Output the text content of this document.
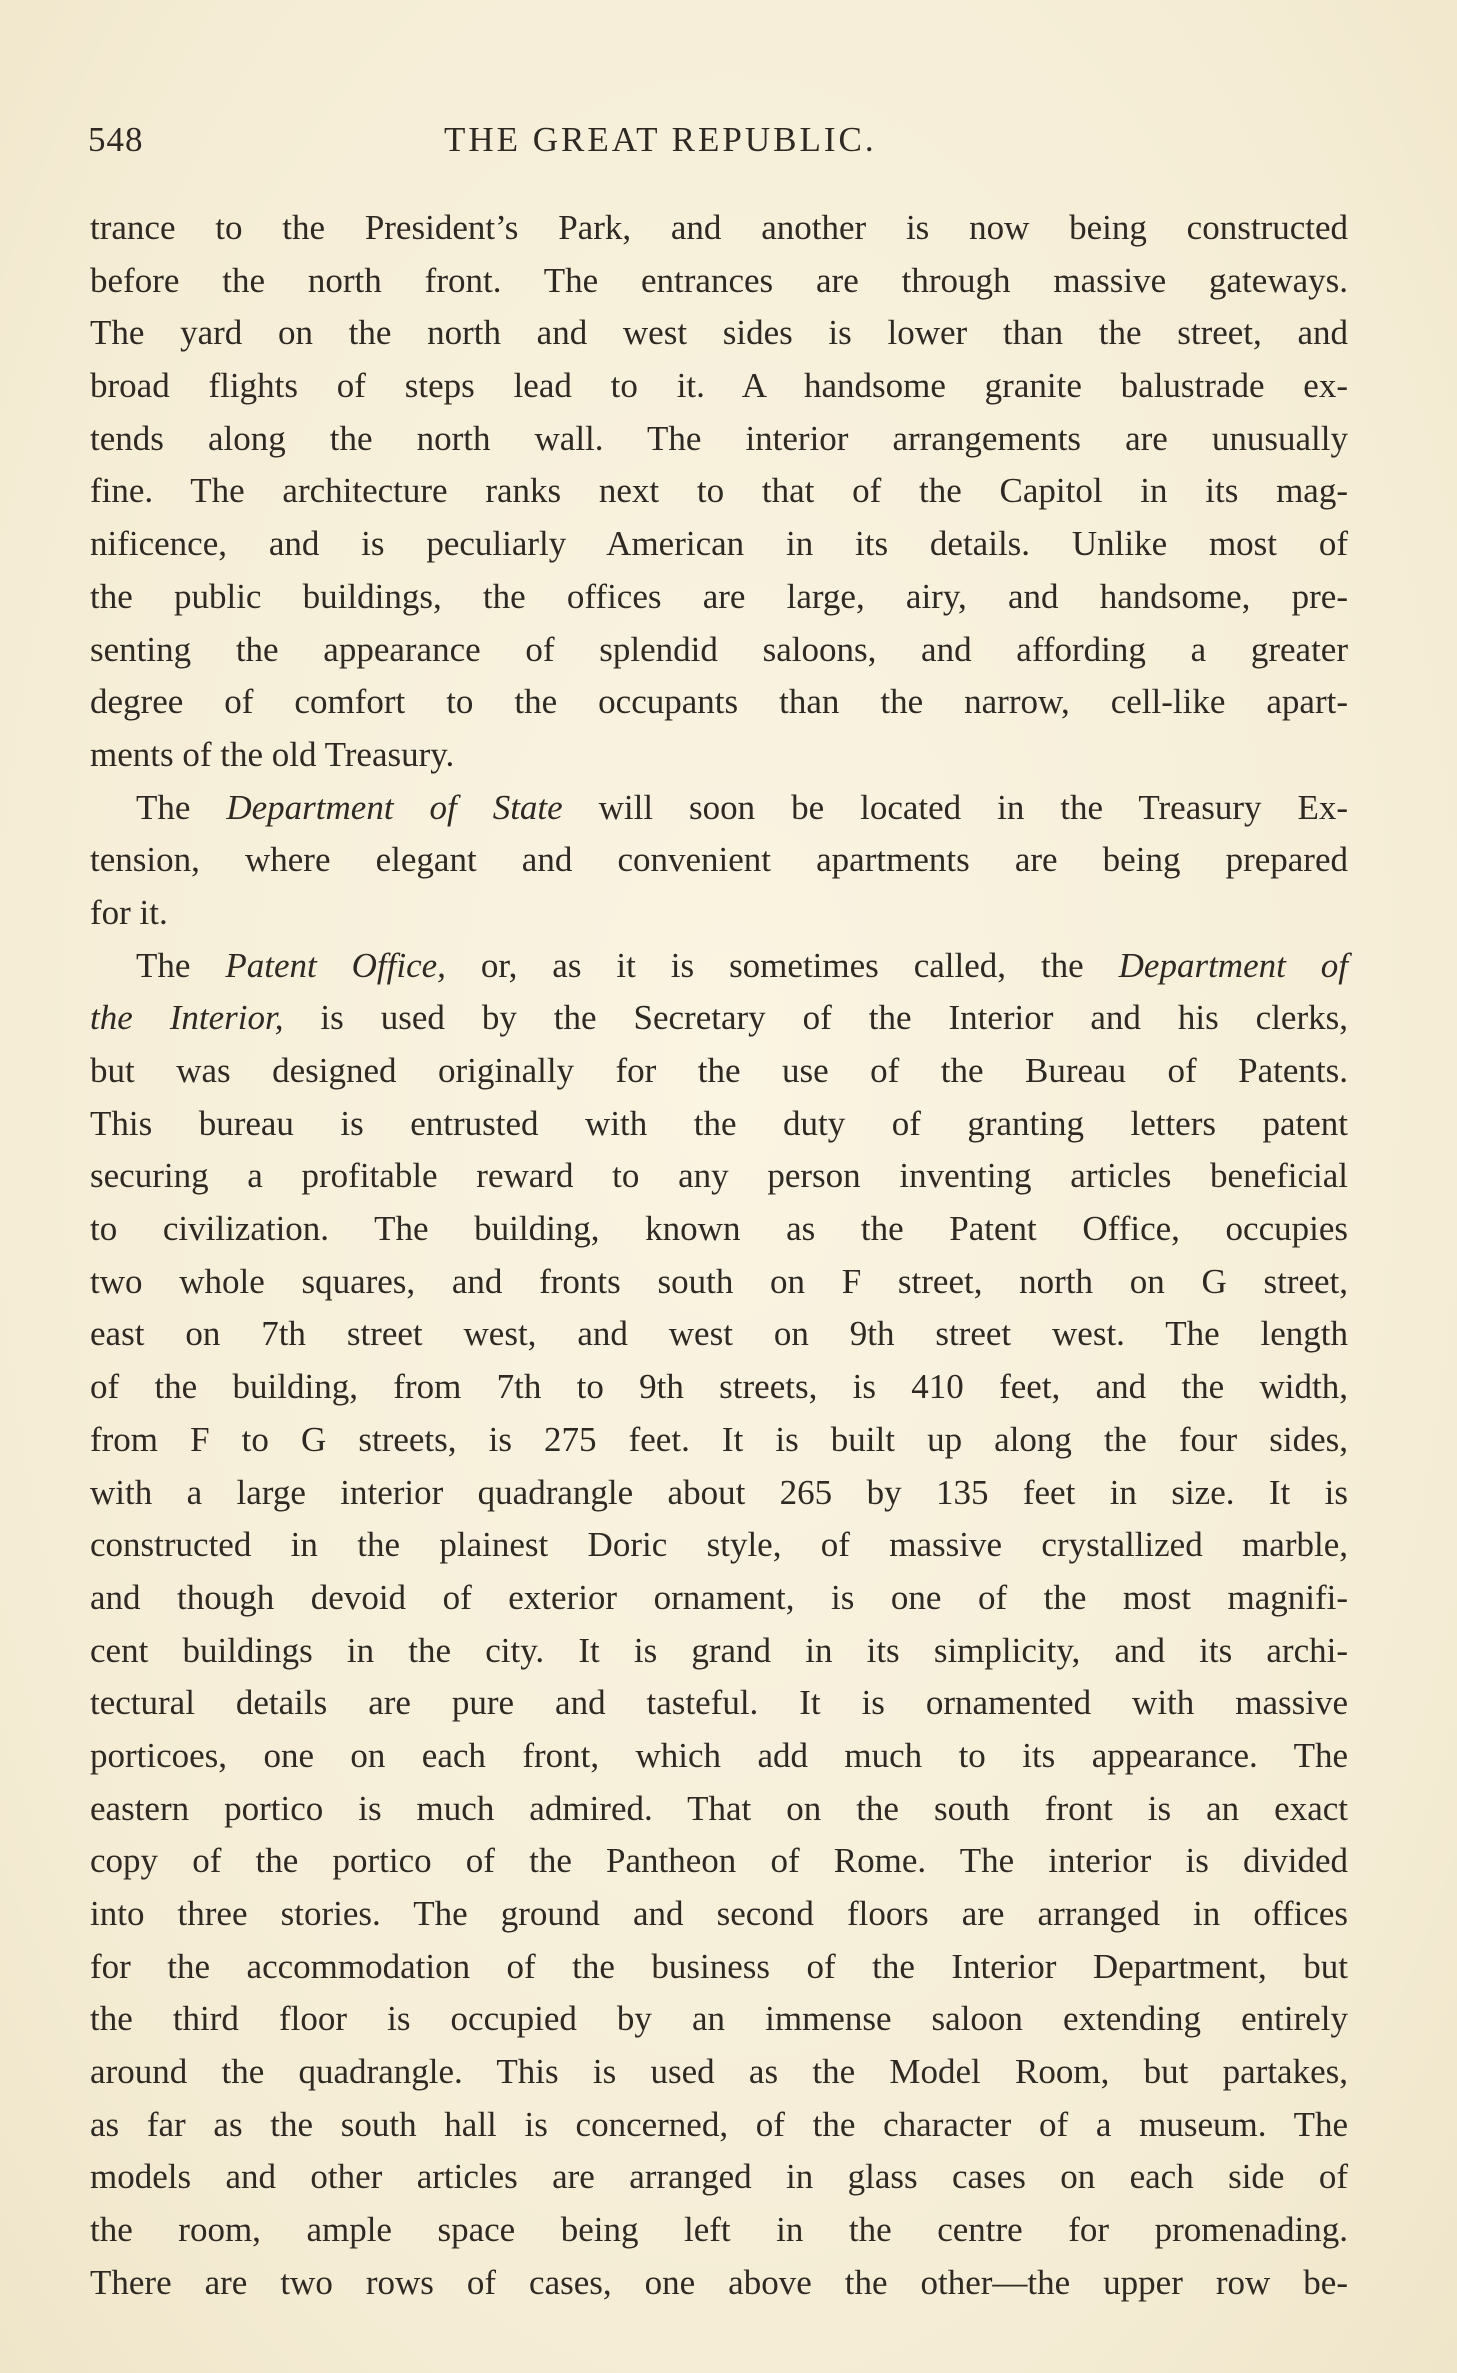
548	THE GREAT REPUBLIC.
trance to the President’s Park, and another is now being constructed
before the north front. The entrances are through massive gateways.
The yard on the north and west sides is lower than the street, and
broad flights of steps lead to it. A handsome granite balustrade ex-
tends along the north wall. The interior arrangements are unusually
fine. The architecture ranks next to that of the Capitol in its mag-
nificence, and is peculiarly American in its details. Unlike most of
the public buildings, the offices are large, airy, and handsome, pre-
senting the appearance of splendid saloons, and affording a greater
degree of comfort to the occupants than the narrow, cell-like apart-
ments of the old Treasury.
The Department of State will soon be located in the Treasury Ex-
tension, where elegant and convenient apartments are being prepared
for it.
The Patent Office, or, as it is sometimes called, the Department of
the Interior, is used by the Secretary of the Interior and his clerks,
but was designed originally for the use of the Bureau of Patents.
This bureau is entrusted with the duty of granting letters patent
securing a profitable reward to any person inventing articles beneficial
to civilization. The building, known as the Patent Office, occupies
two whole squares, and fronts south on F street, north on G street,
east on 7th street west, and west on 9th street west. The length
of the building, from 7th to 9th streets, is 410 feet, and the width,
from F to G streets, is 275 feet. It is built up along the four sides,
with a large interior quadrangle about 265 by 135 feet in size. It is
constructed in the plainest Doric style, of massive crystallized marble,
and though devoid of exterior ornament, is one of the most magnifi-
cent buildings in the city. It is grand in its simplicity, and its archi-
tectural details are pure and tasteful. It is ornamented with massive
porticoes, one on each front, which add much to its appearance. The
eastern portico is much admired. That on the south front is an exact
copy of the portico of the Pantheon of Rome. The interior is divided
into three stories. The ground and second floors are arranged in offices
for the accommodation of the business of the Interior Department, but
the third floor is occupied by an immense saloon extending entirely
around the quadrangle. This is used as the Model Room, but partakes,
as far as the south hall is concerned, of the character of a museum. The
models and other articles are arranged in glass cases on each side of
the room, ample space being left in the centre for promenading.
There are two rows of cases, one above the other—the upper row be-
